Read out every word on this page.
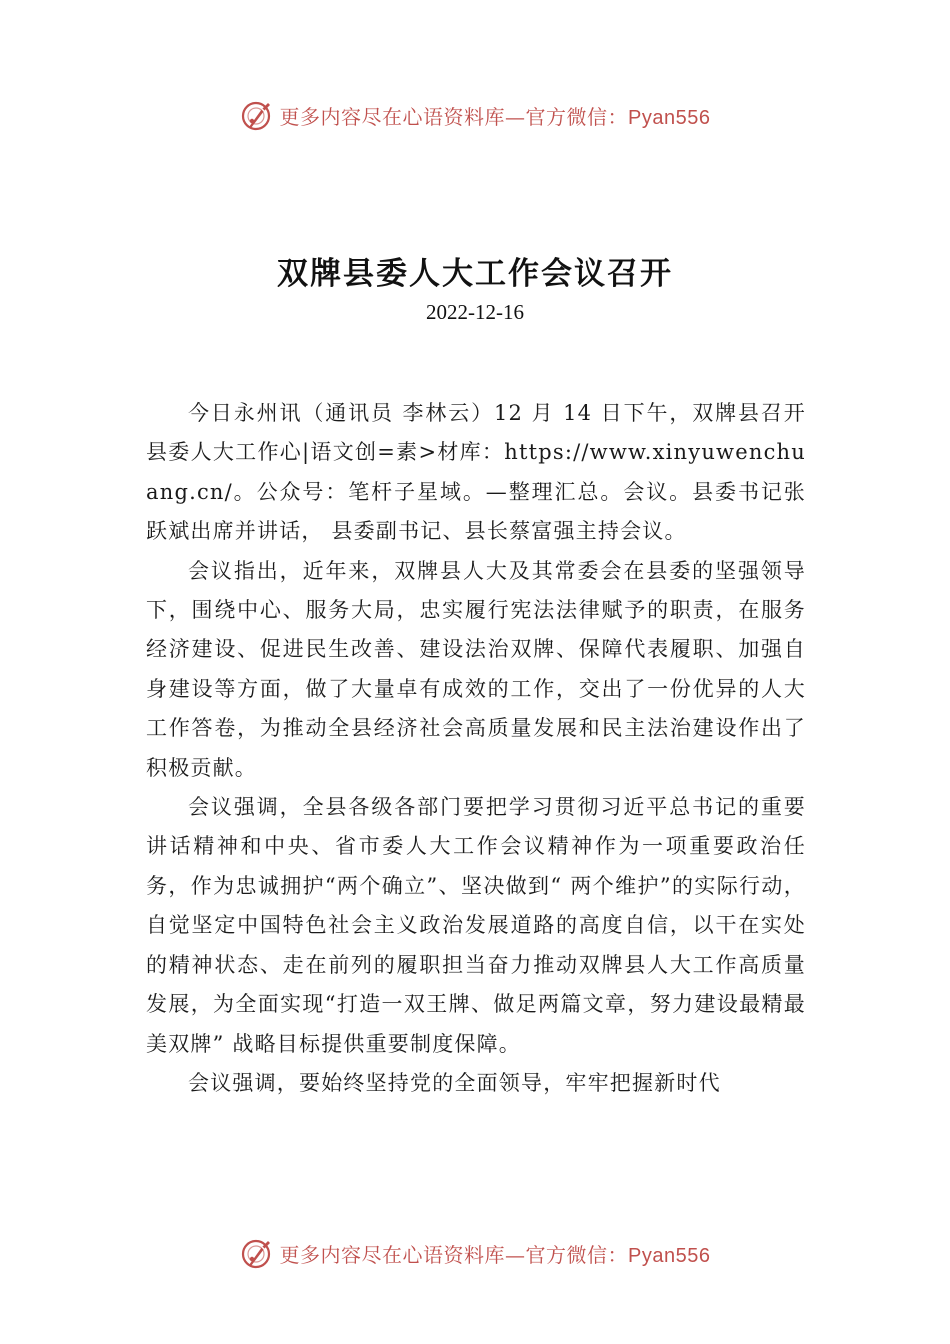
更多内容尽在心语资料库—官方微信：Pyan556
双牌县委人大工作会议召开
2022-12-16

今日永州讯（通讯员 李林云）12 月 14 日下午，双牌县召开县委人大工作心|语文创=素>材库：https://www.xinyuwenchuang.cn/。公众号：笔杆子星域。—整理汇总。会议。县委书记张跃斌出席并讲话， 县委副书记、县长蔡富强主持会议。

会议指出，近年来，双牌县人大及其常委会在县委的坚强领导下，围绕中心、服务大局，忠实履行宪法法律赋予的职责，在服务经济建设、促进民生改善、建设法治双牌、保障代表履职、加强自身建设等方面，做了大量卓有成效的工作，交出了一份优异的人大工作答卷，为推动全县经济社会高质量发展和民主法治建设作出了积极贡献。

会议强调，全县各级各部门要把学习贯彻习近平总书记的重要讲话精神和中央、省市委人大工作会议精神作为一项重要政治任务，作为忠诚拥护“两个确立”、坚决做到“ 两个维护”的实际行动，自觉坚定中国特色社会主义政治发展道路的高度自信，以干在实处的精神状态、走在前列的履职担当奋力推动双牌县人大工作高质量发展，为全面实现“打造一双王牌、做足两篇文章，努力建设最精最美双牌” 战略目标提供重要制度保障。

会议强调，要始终坚持党的全面领导，牢牢把握新时代

更多内容尽在心语资料库—官方微信：Pyan556
